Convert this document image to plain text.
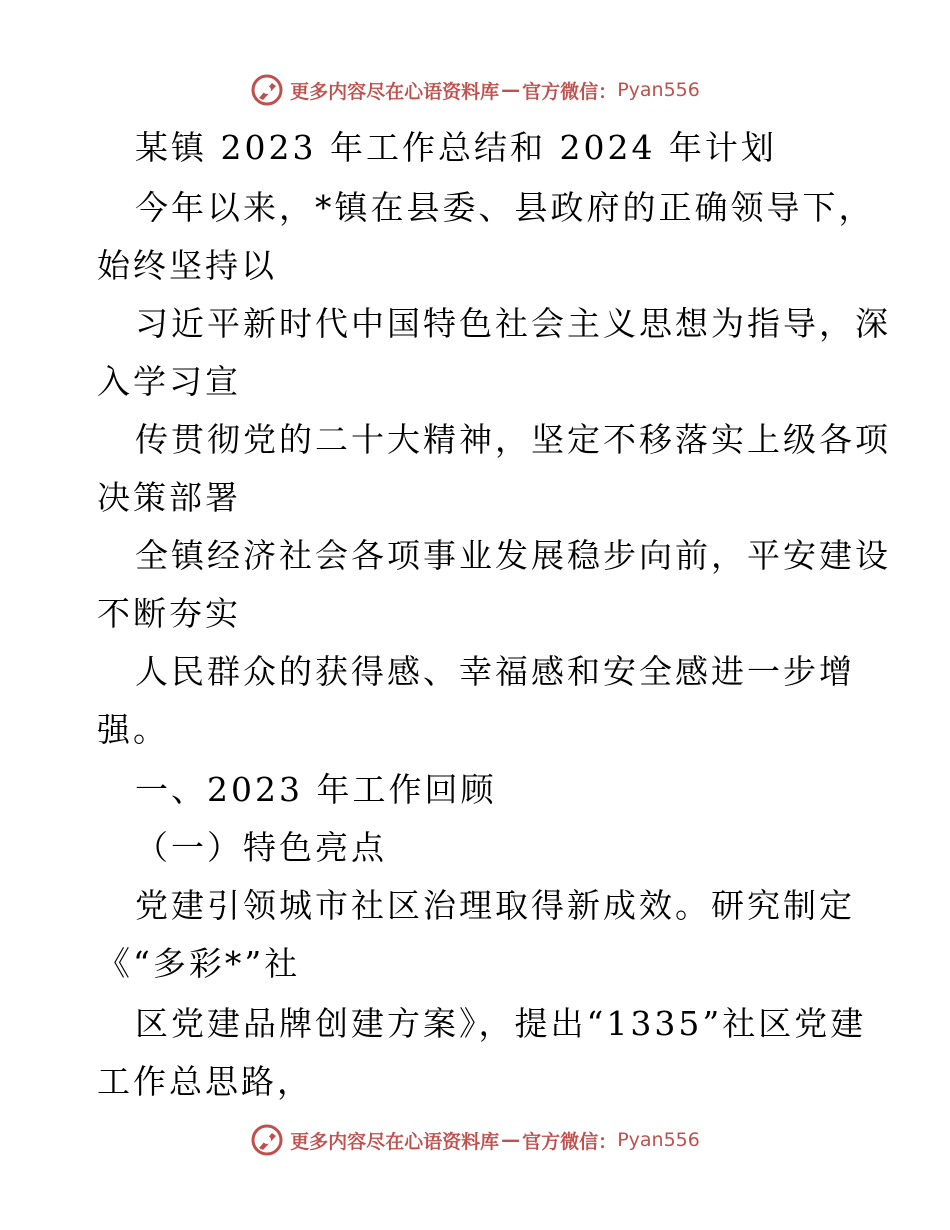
更多内容尽在心语资料库 — 官方微信： Pyan556
某镇 2023 年工作总结和 2024 年计划
今年以来，*镇在县委、县政府的正确领导下，
始终坚持以
习近平新时代中国特色社会主义思想为指导，深
入学习宣
传贯彻党的二十大精神，坚定不移落实上级各项
决策部署
全镇经济社会各项事业发展稳步向前，平安建设
不断夯实
人民群众的获得感、幸福感和安全感进一步增
强。
一、2023 年工作回顾
（一）特色亮点
党建引领城市社区治理取得新成效。研究制定
《“多彩*”社
区党建品牌创建方案》，提出“1335”社区党建
工作总思路，
更多内容尽在心语资料库 — 官方微信： Pyan556
